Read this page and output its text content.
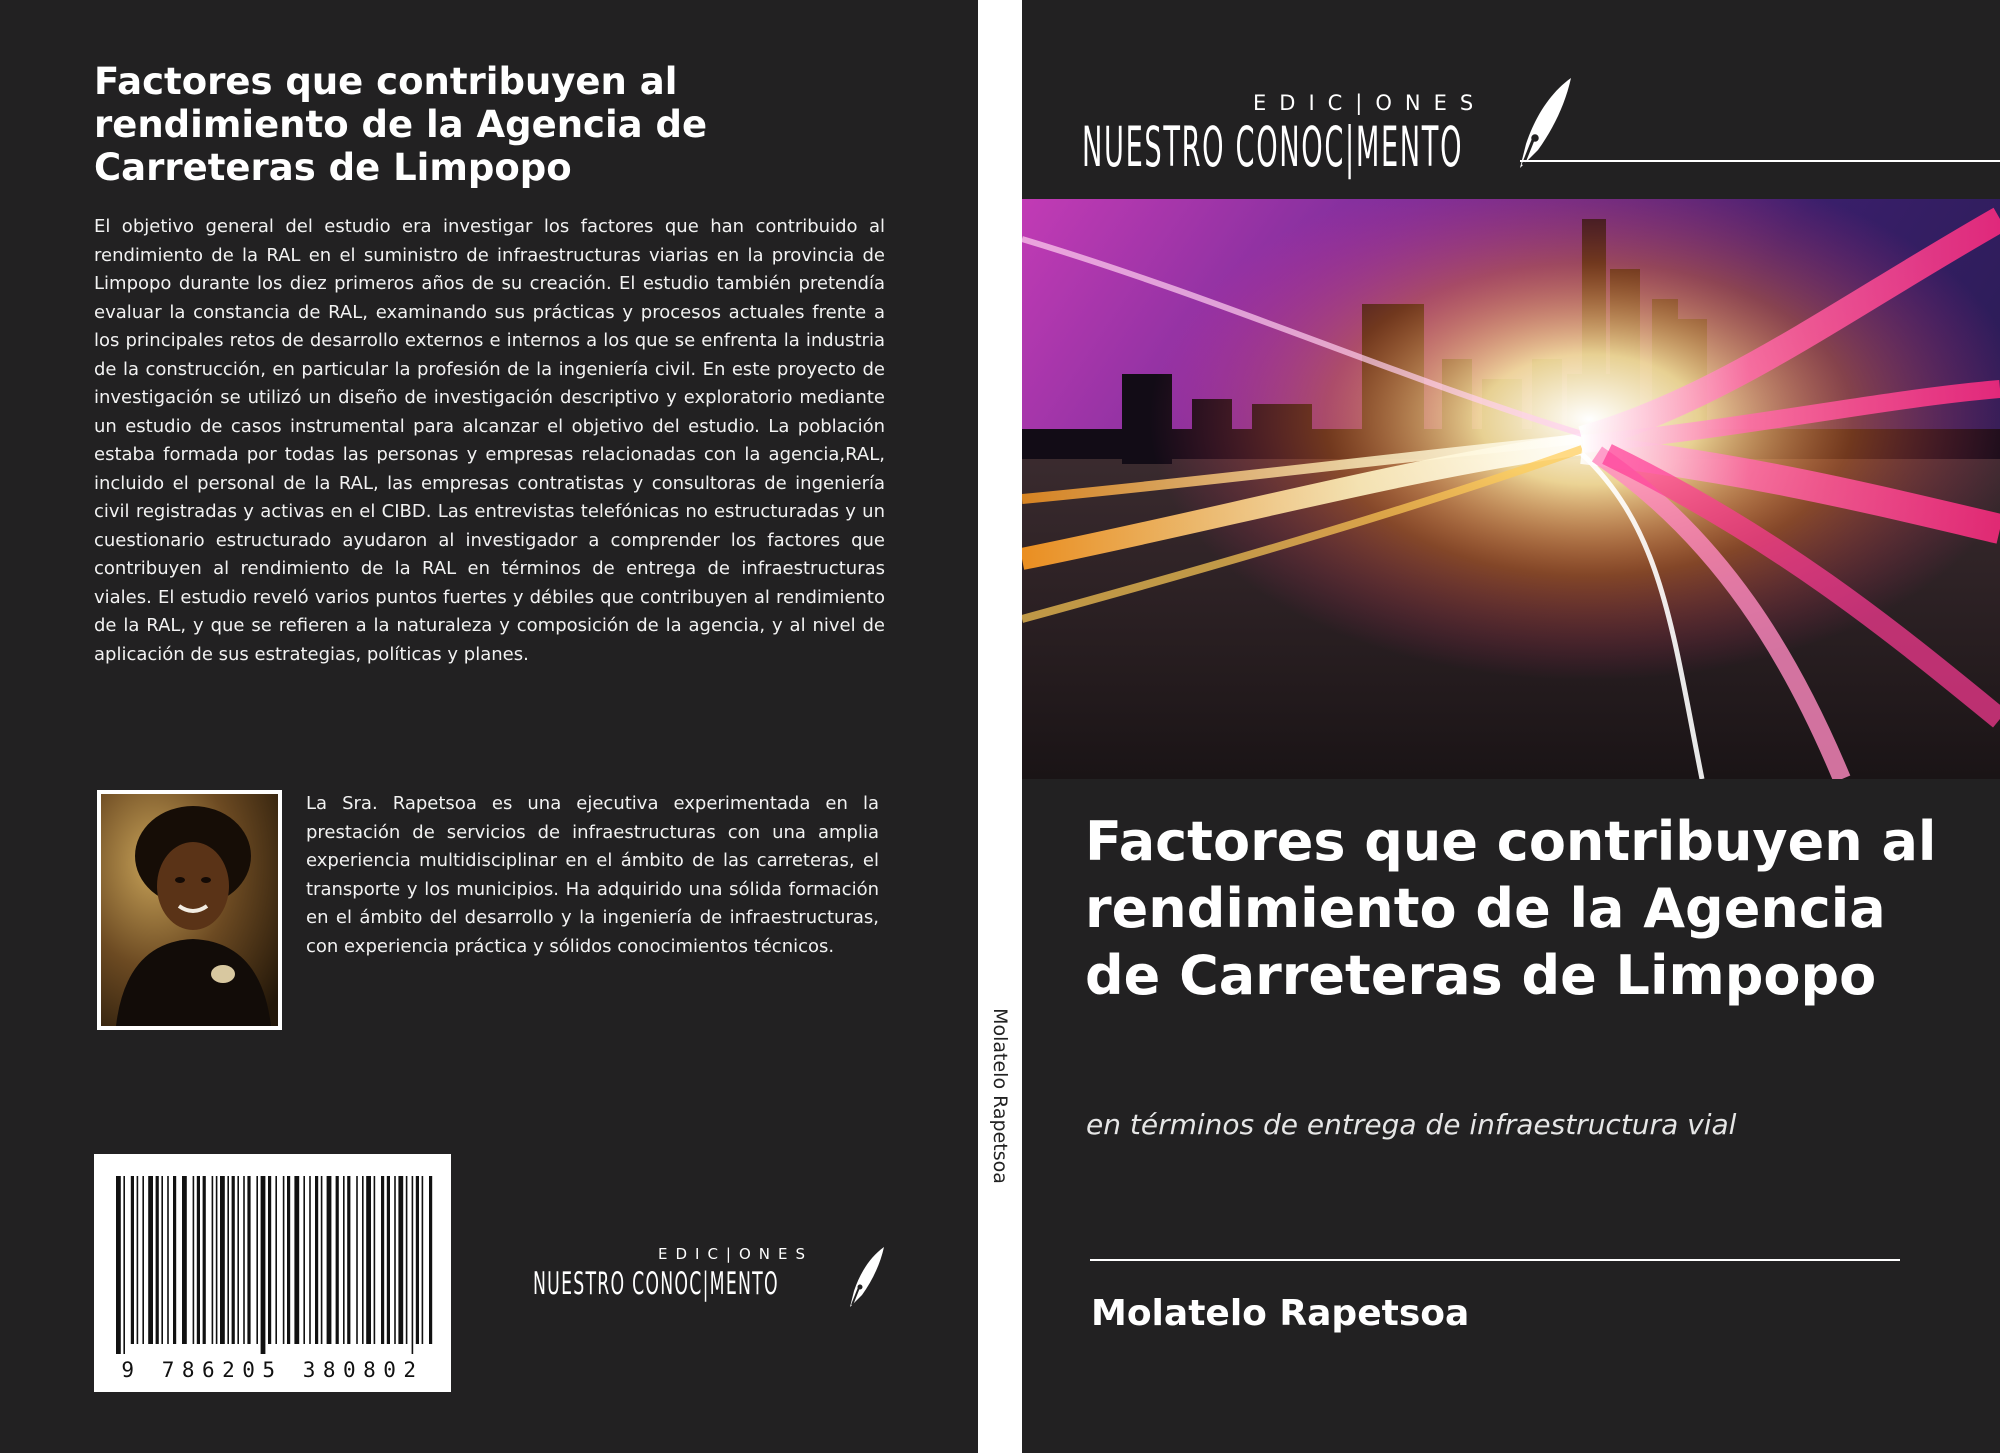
Factores que contribuyen al rendimiento de la Agencia de Carreteras de Limpopo

El objetivo general del estudio era investigar los factores que han contribuido al rendimiento de la RAL en el suministro de infraestructuras viarias en la provincia de Limpopo durante los diez primeros años de su creación. El estudio también pretendía evaluar la constancia de RAL, examinando sus prácticas y procesos actuales frente a los principales retos de desarrollo externos e internos a los que se enfrenta la industria de la construcción, en particular la profesión de la ingeniería civil. En este proyecto de investigación se utilizó un diseño de investigación descriptivo y exploratorio mediante un estudio de casos instrumental para alcanzar el objetivo del estudio. La población estaba formada por todas las personas y empresas relacionadas con la agencia,RAL, incluido el personal de la RAL, las empresas contratistas y consultoras de ingeniería civil registradas y activas en el CIBD. Las entrevistas telefónicas no estructuradas y un cuestionario estructurado ayudaron al investigador a comprender los factores que contribuyen al rendimiento de la RAL en términos de entrega de infraestructuras viales. El estudio reveló varios puntos fuertes y débiles que contribuyen al rendimiento de la RAL, y que se refieren a la naturaleza y composición de la agencia, y al nivel de aplicación de sus estrategias, políticas y planes.

La Sra. Rapetsoa es una ejecutiva experimentada en la prestación de servicios de infraestructuras con una amplia experiencia multidisciplinar en el ámbito de las carreteras, el transporte y los municipios. Ha adquirido una sólida formación en el ámbito del desarrollo y la ingeniería de infraestructuras, con experiencia práctica y sólidos conocimientos técnicos.

9 786205 380802
EDIC|ONES
NUESTRO CONOC|MENTO
Molatelo Rapetsoa
EDIC|ONES
NUESTRO CONOC|MENTO
Factores que contribuyen al rendimiento de la Agencia de Carreteras de Limpopo

en términos de entrega de infraestructura vial

Molatelo Rapetsoa
